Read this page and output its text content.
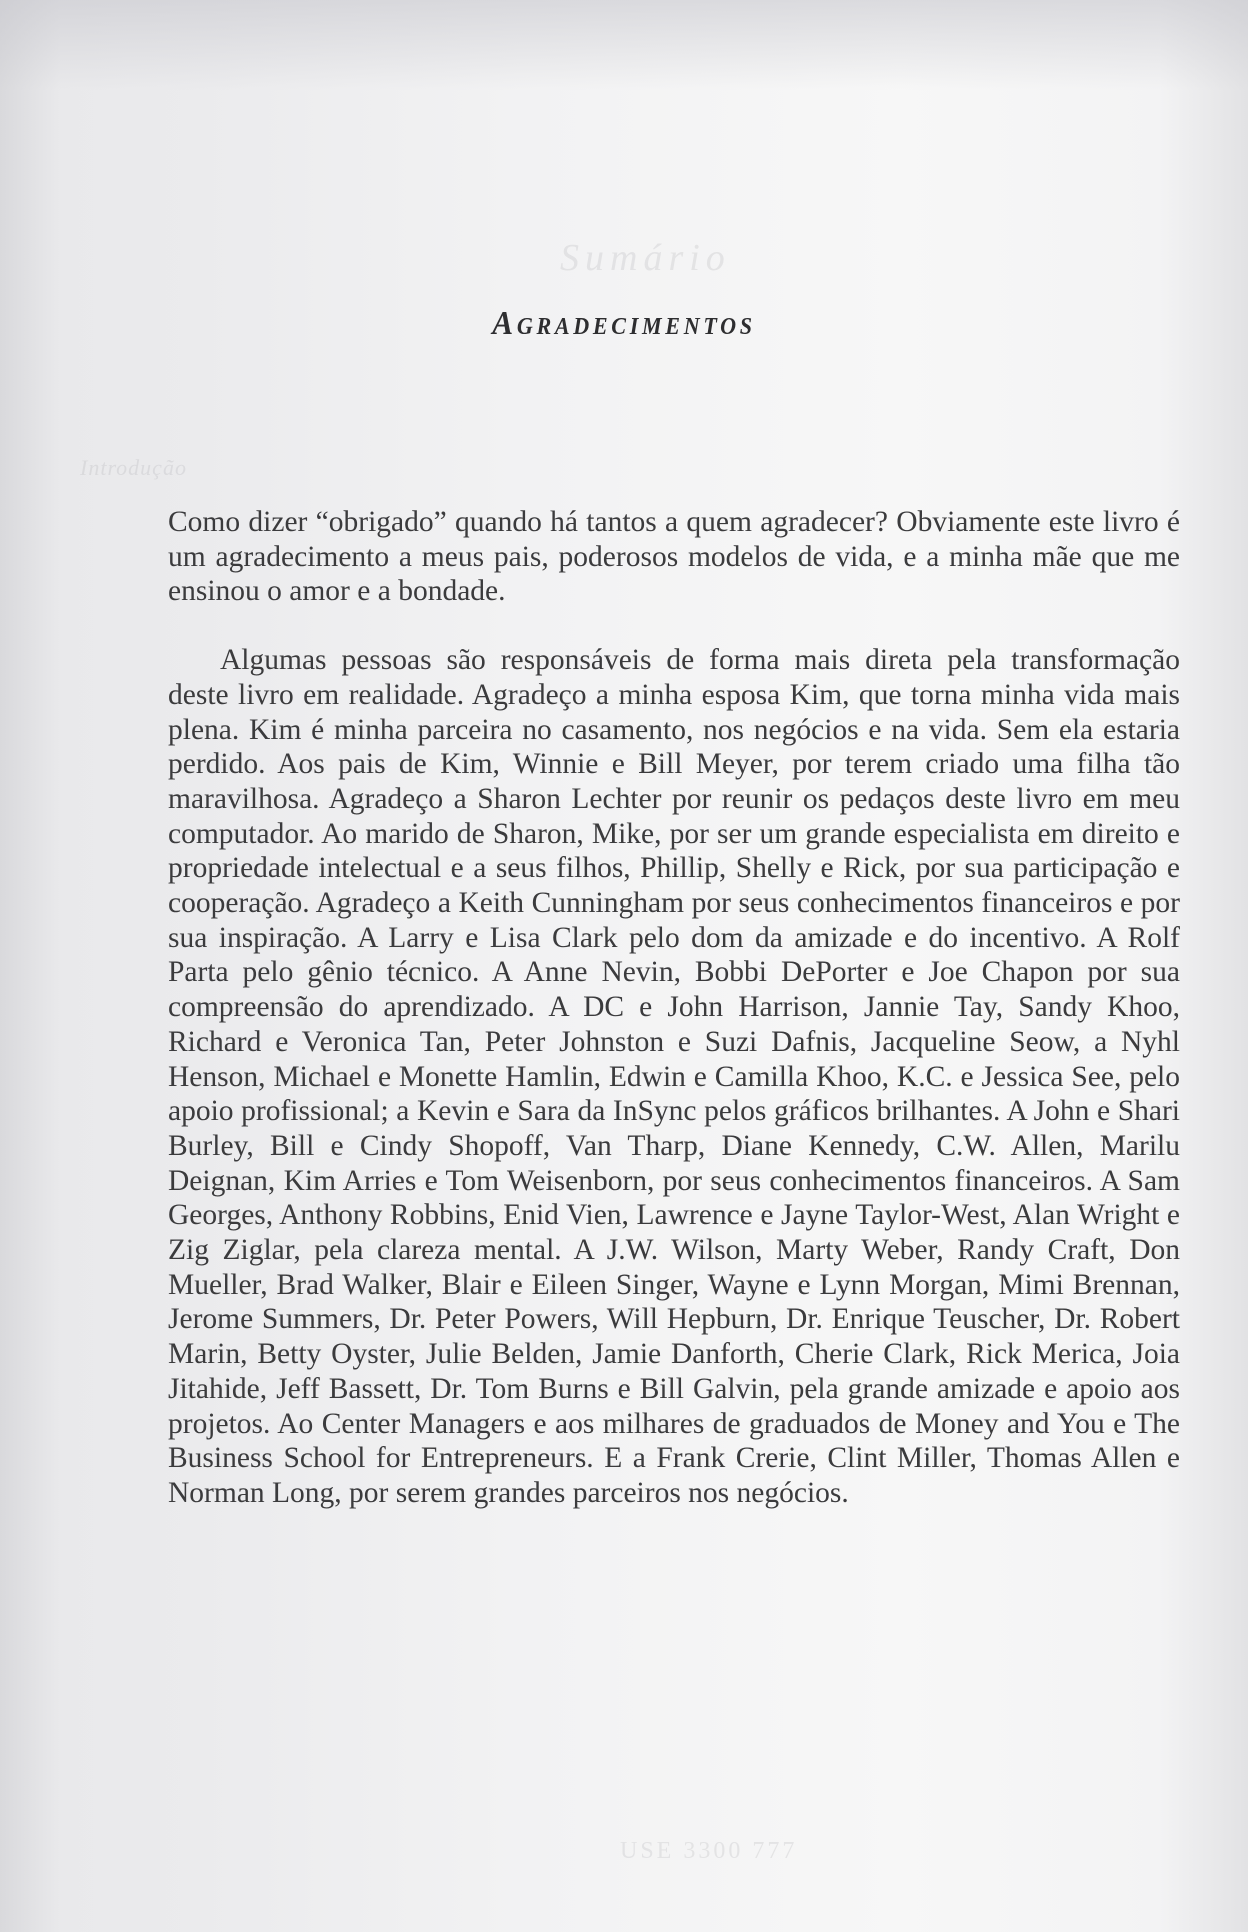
Sumário
Introdução
USE 3300 777
Agradecimentos

Como dizer “obrigado” quando há tantos a quem agradecer? Obviamente este livro é um agradecimento a meus pais, poderosos modelos de vida, e a minha mãe que me ensinou o amor e a bondade.

Algumas pessoas são responsáveis de forma mais direta pela transformação deste livro em realidade. Agradeço a minha esposa Kim, que torna minha vida mais plena. Kim é minha parceira no casamento, nos negócios e na vida. Sem ela estaria perdido. Aos pais de Kim, Winnie e Bill Meyer, por terem criado uma filha tão maravilhosa. Agradeço a Sharon Lechter por reunir os pedaços deste livro em meu computador. Ao marido de Sharon, Mike, por ser um grande especialista em direito e propriedade intelectual e a seus filhos, Phillip, Shelly e Rick, por sua participação e cooperação. Agradeço a Keith Cunningham por seus conhecimentos financeiros e por sua inspiração. A Larry e Lisa Clark pelo dom da amizade e do incentivo. A Rolf Parta pelo gênio técnico. A Anne Nevin, Bobbi DePorter e Joe Chapon por sua compreensão do aprendizado. A DC e John Harrison, Jannie Tay, Sandy Khoo, Richard e Veronica Tan, Peter Johnston e Suzi Dafnis, Jacqueline Seow, a Nyhl Henson, Michael e Monette Hamlin, Edwin e Camilla Khoo, K.C. e Jessica See, pelo apoio profissional; a Kevin e Sara da InSync pelos gráficos brilhantes. A John e Shari Burley, Bill e Cindy Shopoff, Van Tharp, Diane Kennedy, C.W. Allen, Marilu Deignan, Kim Arries e Tom Weisenborn, por seus conhecimentos financeiros. A Sam Georges, Anthony Robbins, Enid Vien, Lawrence e Jayne Taylor-West, Alan Wright e Zig Ziglar, pela clareza mental. A J.W. Wilson, Marty Weber, Randy Craft, Don Mueller, Brad Walker, Blair e Eileen Singer, Wayne e Lynn Morgan, Mimi Brennan, Jerome Summers, Dr. Peter Powers, Will Hepburn, Dr. Enrique Teuscher, Dr. Robert Marin, Betty Oyster, Julie Belden, Jamie Danforth, Cherie Clark, Rick Merica, Joia Jitahide, Jeff Bassett, Dr. Tom Burns e Bill Galvin, pela grande amizade e apoio aos projetos. Ao Center Managers e aos milhares de graduados de Money and You e The Business School for Entrepreneurs. E a Frank Crerie, Clint Miller, Thomas Allen e Norman Long, por serem grandes parceiros nos negócios.
